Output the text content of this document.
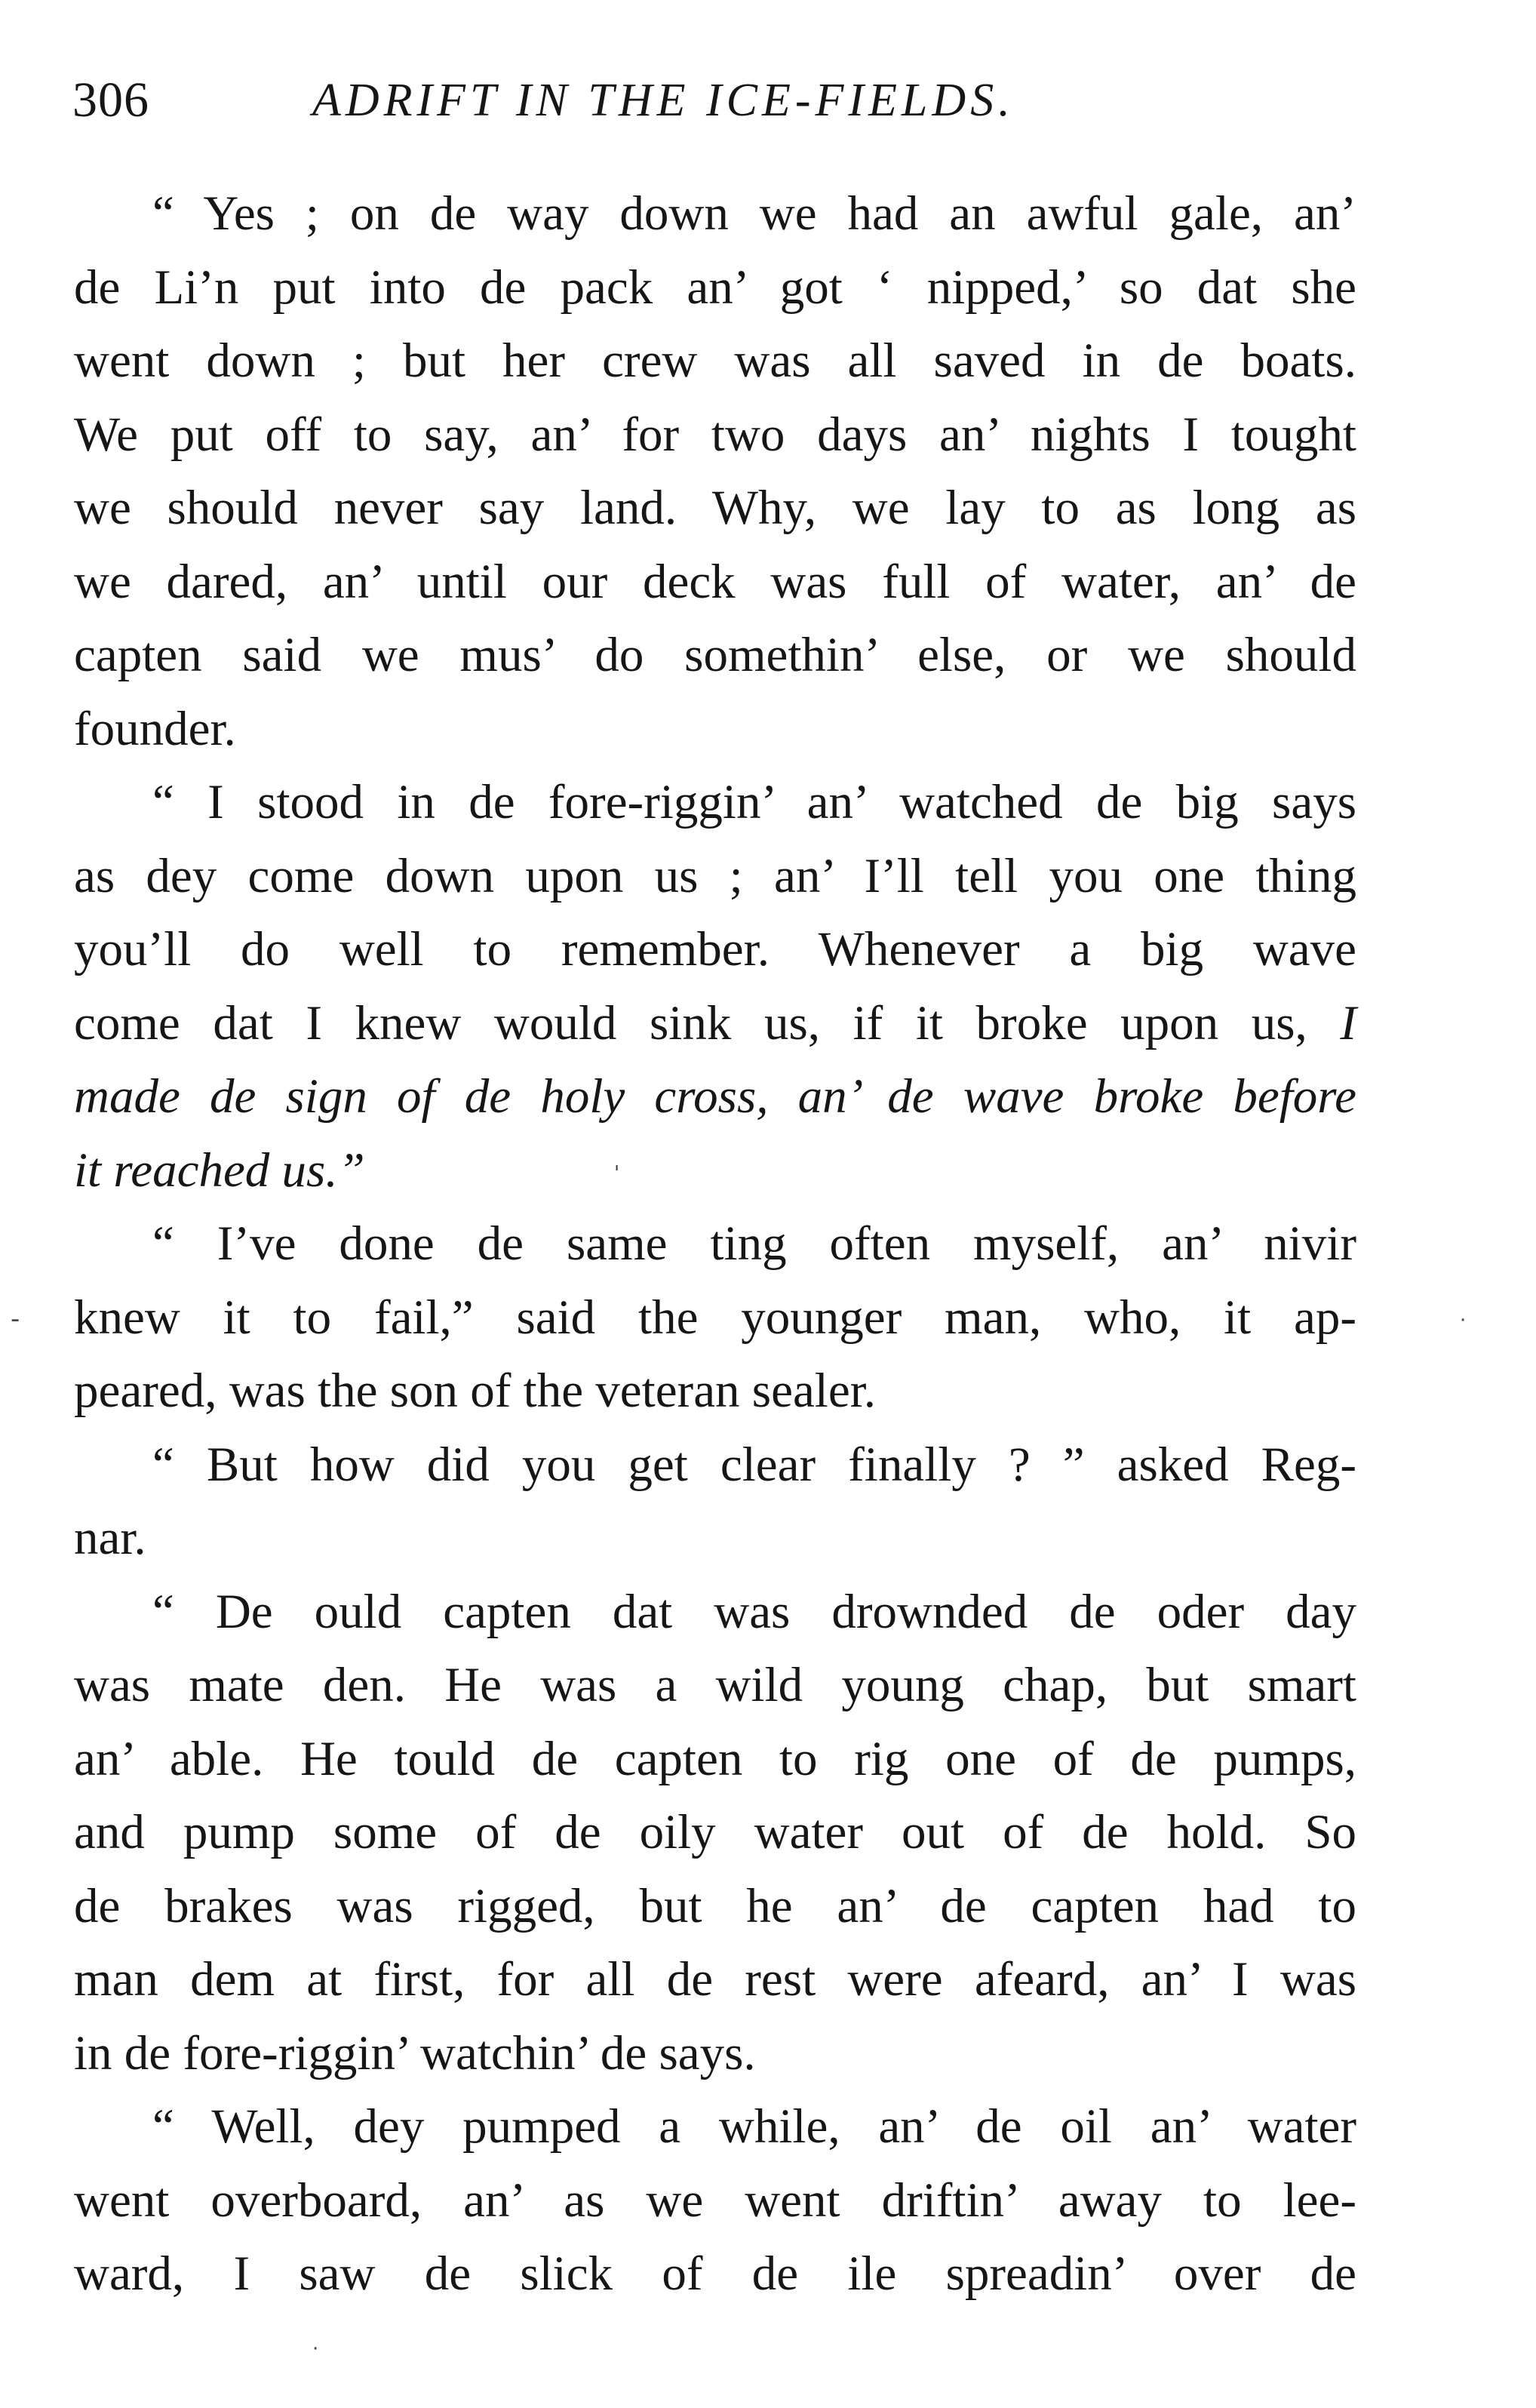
306	ADRIFT IN THE ICE-FIELDS.
“ Yes ; on de way down we had an awful gale, an’
de Li’n put into de pack an’ got ‘ nipped,’ so dat she
went down ; but her crew was all saved in de boats.
We put off to say, an’ for two days an’ nights I tought
we should never say land. Why, we lay to as long as
we dared, an’ until our deck was full of water, an’ de
capten said we mus’ do somethin’ else, or we should
founder.
“ I stood in de fore-riggin’ an’ watched de big says
as dey come down upon us ; an’ I’ll tell you one thing
you’ll do well to remember. Whenever a big wave
come dat I knew would sink us, if it broke upon us, I
made de sign of de holy cross, an’ de wave broke before
it reached us.”
“ I’ve done de same ting often myself, an’ nivir
knew it to fail,” said the younger man, who, it ap-
peared, was the son of the veteran sealer.
“ But how did you get clear finally ? ” asked Reg-
nar.
“ De ould capten dat was drownded de oder day
was mate den. He was a wild young chap, but smart
an’ able. He tould de capten to rig one of de pumps,
and pump some of de oily water out of de hold. So
de brakes was rigged, but he an’ de capten had to
man dem at first, for all de rest were afeard, an’ I was
in de fore-riggin’ watchin’ de says.
“ Well, dey pumped a while, an’ de oil an’ water
went overboard, an’ as we went driftin’ away to lee-
ward, I saw de slick of de ile spreadin’ over de
-	·
'
·
